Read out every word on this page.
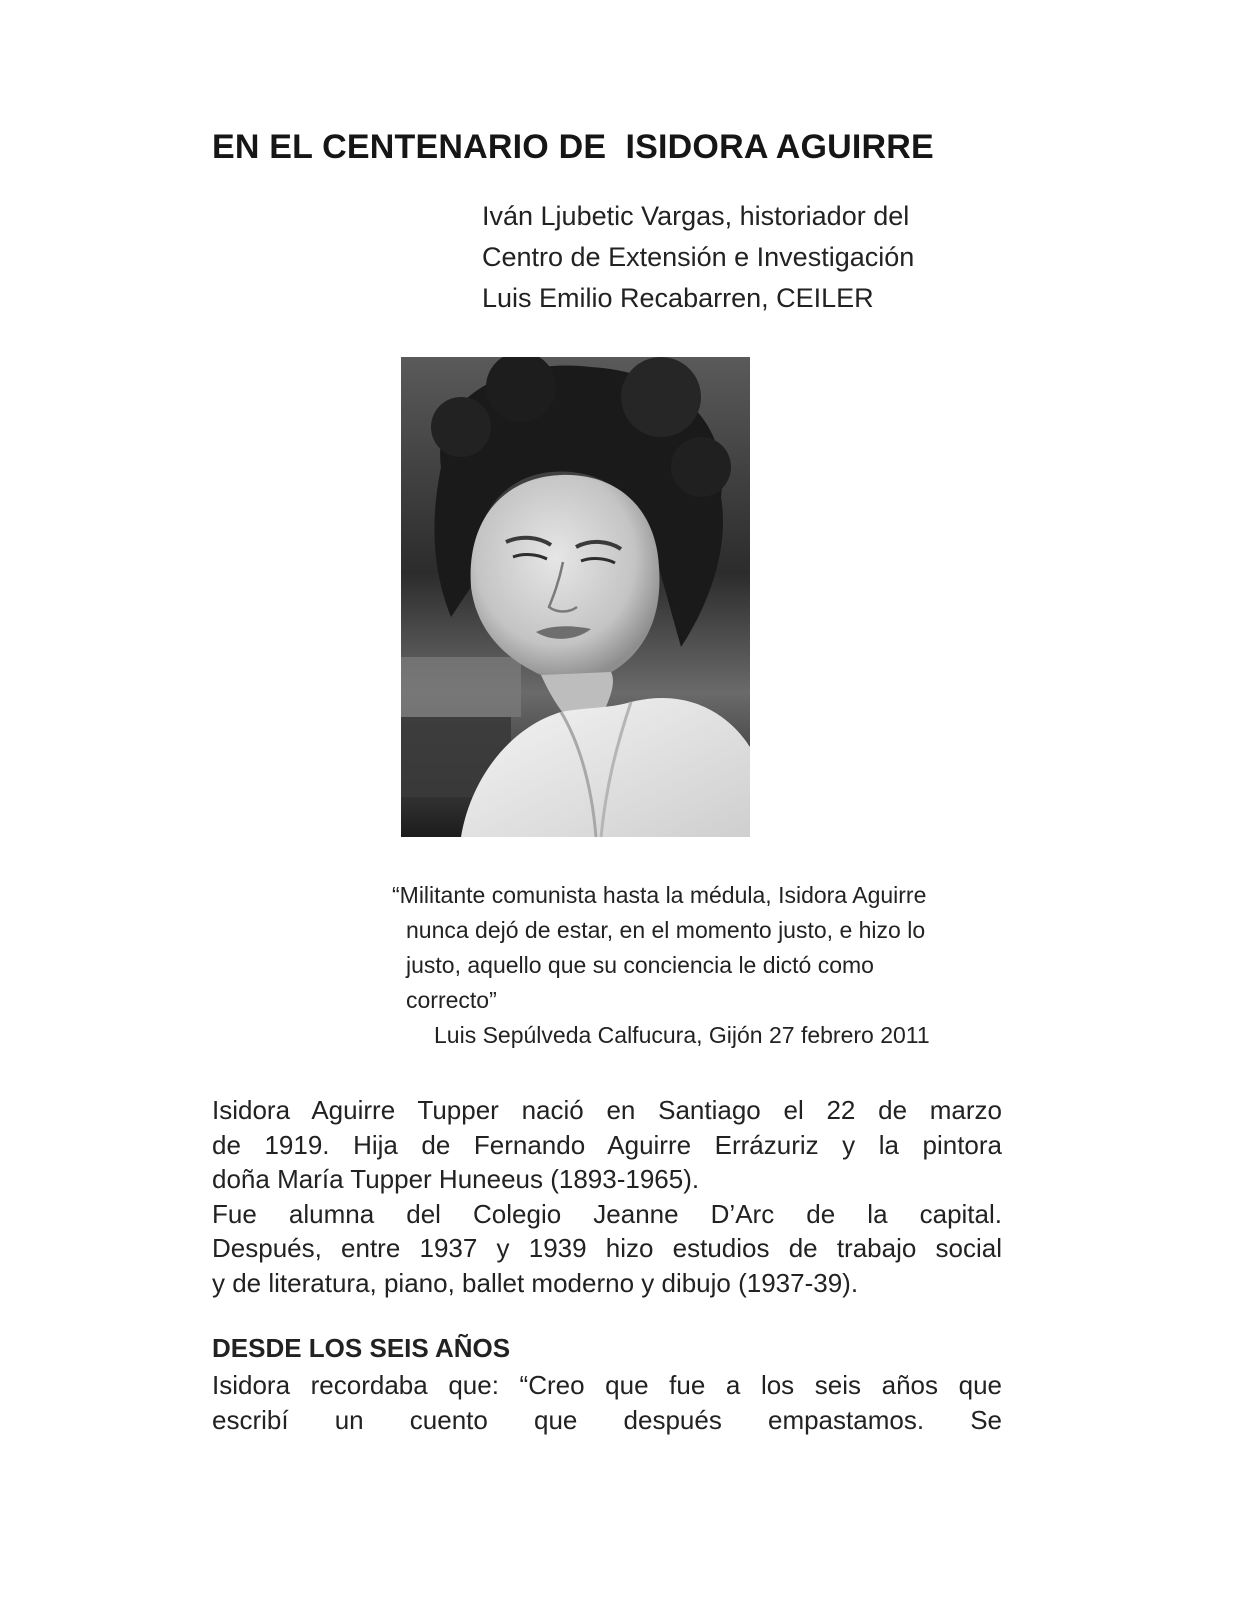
EN EL CENTENARIO DE  ISIDORA AGUIRRE
Iván Ljubetic Vargas, historiador del
Centro de Extensión e Investigación
Luis Emilio Recabarren, CEILER
“Militante comunista hasta la médula, Isidora Aguirre
nunca dejó de estar, en el momento justo, e hizo lo
justo, aquello que su conciencia le dictó como
correcto”
Luis Sepúlveda Calfucura, Gijón 27 febrero 2011
Isidora Aguirre Tupper nació en Santiago el 22 de marzo
de 1919. Hija de Fernando Aguirre Errázuriz y la pintora
doña María Tupper Huneeus (1893-1965).
Fue alumna del Colegio Jeanne D’Arc de la capital.
Después, entre 1937 y 1939 hizo estudios de trabajo social
y de literatura, piano, ballet moderno y dibujo (1937-39).
DESDE LOS SEIS AÑOS
Isidora recordaba que: “Creo que fue a los seis años que
escribí un cuento que después empastamos. Se
